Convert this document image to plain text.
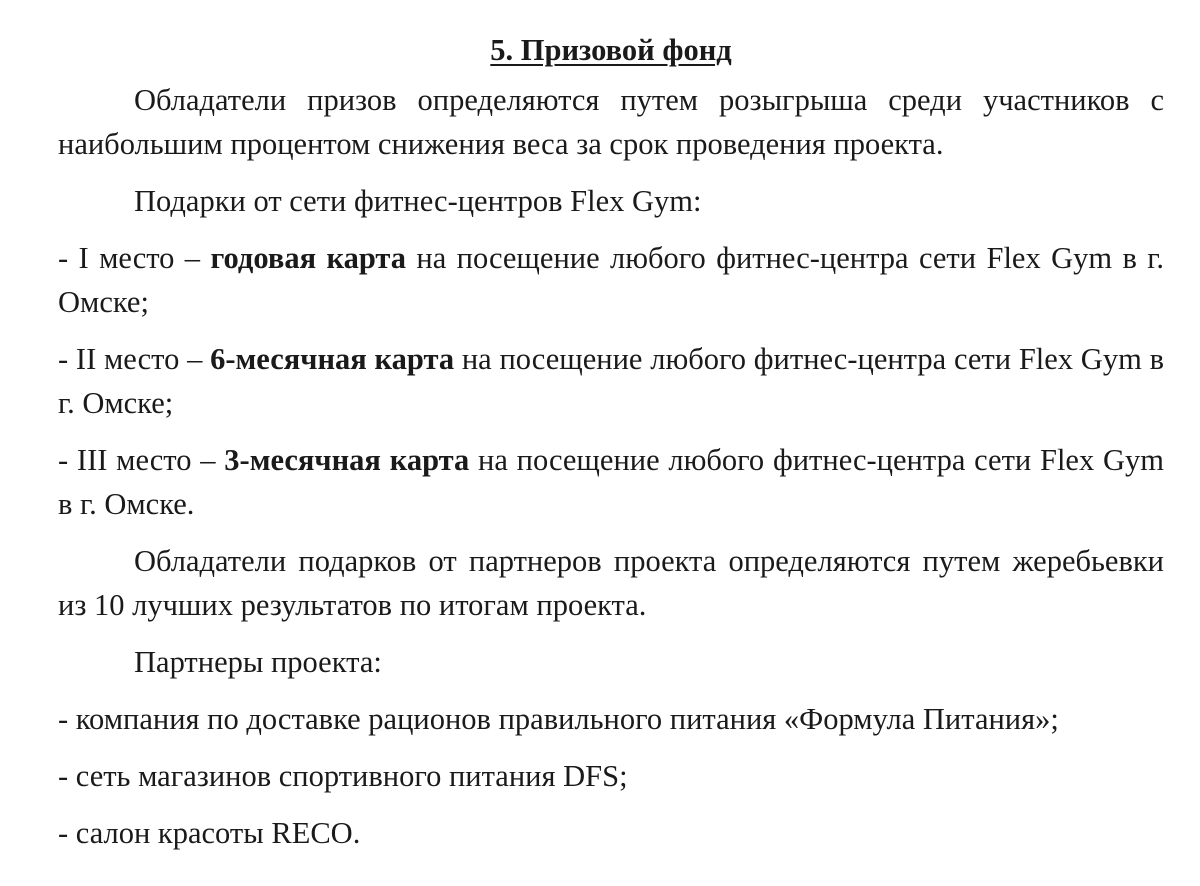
5. Призовой фонд

Обладатели призов определяются путем розыгрыша среди участников с наибольшим процентом снижения веса за срок проведения проекта.

Подарки от сети фитнес-центров Flex Gym:

- I место – годовая карта на посещение любого фитнес-центра сети Flex Gym в г. Омске;

- II место – 6-месячная карта на посещение любого фитнес-центра сети Flex Gym в г. Омске;

- III место – 3-месячная карта на посещение любого фитнес-центра сети Flex Gym в г. Омске.

Обладатели подарков от партнеров проекта определяются путем жеребьевки из 10 лучших результатов по итогам проекта.

Партнеры проекта:

- компания по доставке рационов правильного питания «Формула Питания»;

- сеть магазинов спортивного питания DFS;

- салон красоты RECO.
